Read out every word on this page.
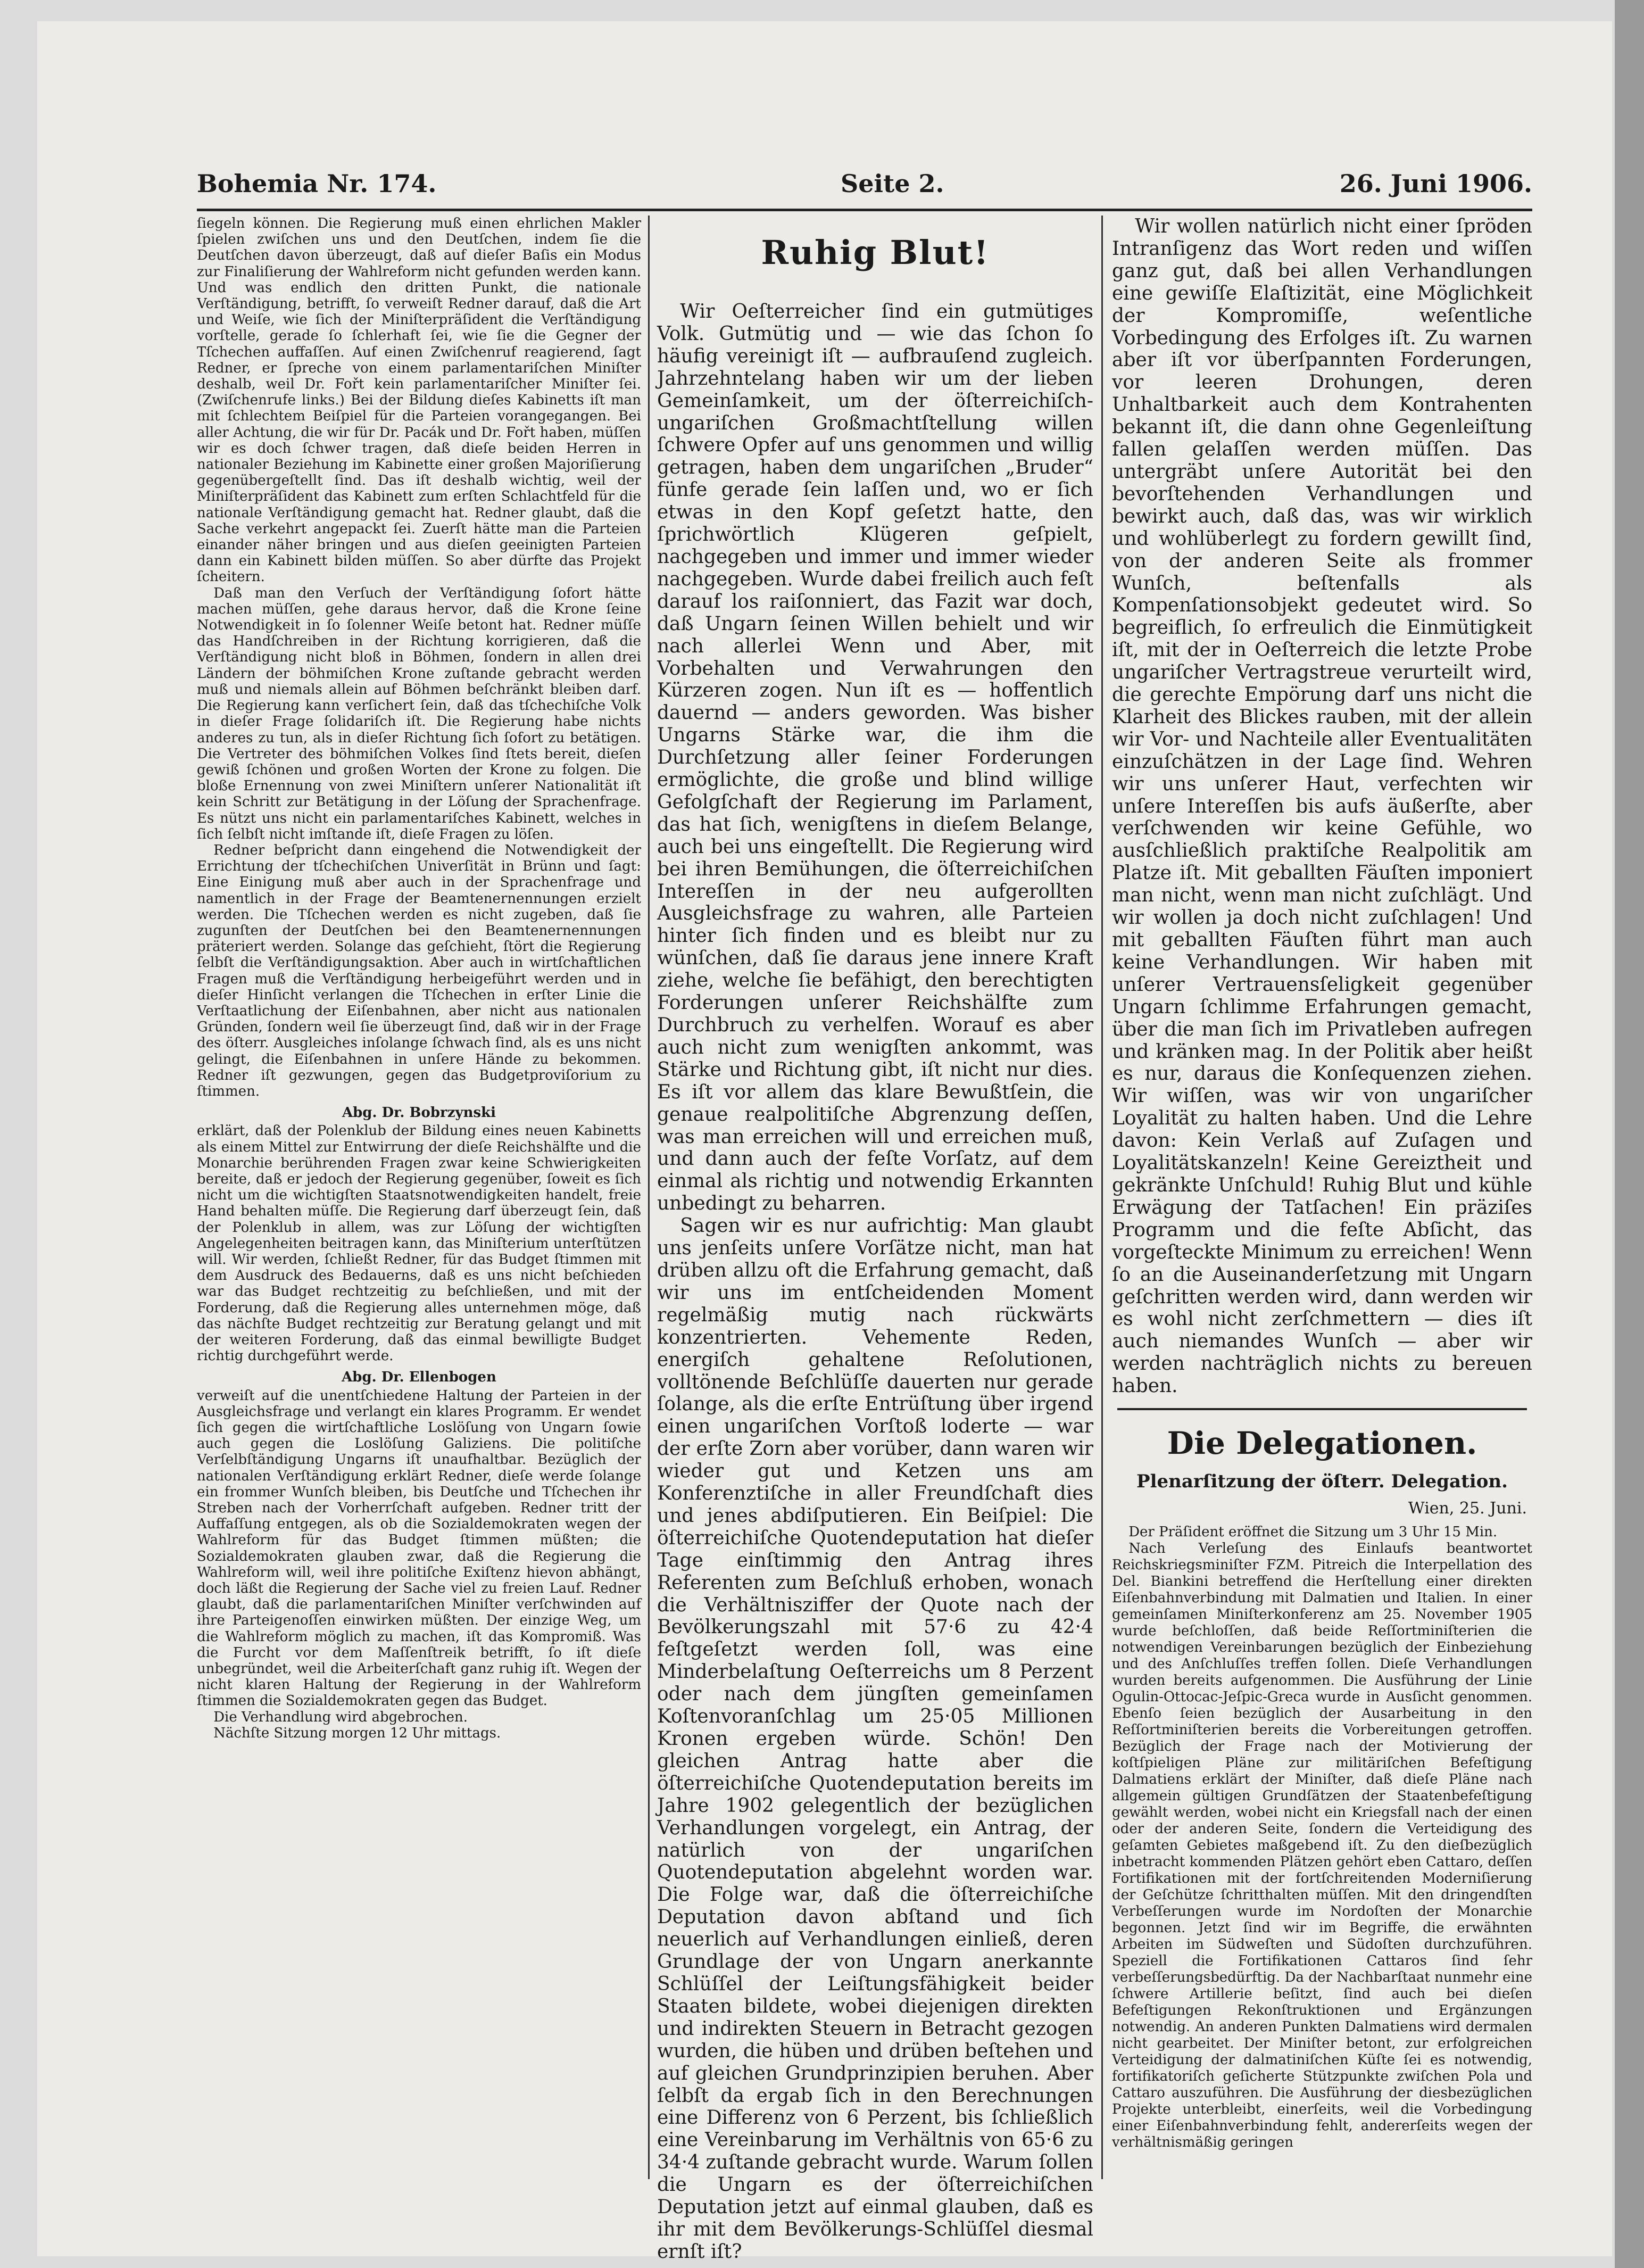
Bohemia Nr. 174.	Seite 2.	26. Juni 1906.

ſiegeln können. Die Regierung muß einen ehrlichen Makler ſpielen zwiſchen uns und den Deutſchen, indem ſie die Deutſchen davon überzeugt, daß auf dieſer Baſis ein Modus zur Finaliſierung der Wahlreform nicht gefunden werden kann. Und was endlich den dritten Punkt, die nationale Verſtändigung, betrifft, ſo verweiſt Redner darauf, daß die Art und Weiſe, wie ſich der Miniſterpräſident die Verſtändigung vorſtelle, gerade ſo ſchlerhaft ſei, wie ſie die Gegner der Tſchechen auffaſſen. Auf einen Zwiſchenruf reagierend, ſagt Redner, er ſpreche von einem parlamentariſchen Miniſter deshalb, weil Dr. Fořt kein parlamentariſcher Miniſter ſei. (Zwiſchenrufe links.) Bei der Bildung dieſes Kabinetts iſt man mit ſchlechtem Beiſpiel für die Parteien vorangegangen. Bei aller Achtung, die wir für Dr. Pacák und Dr. Fořt haben, müſſen wir es doch ſchwer tragen, daß dieſe beiden Herren in nationaler Beziehung im Kabinette einer großen Majoriſierung gegenübergeſtellt ſind. Das iſt deshalb wichtig, weil der Miniſterpräſident das Kabinett zum erſten Schlachtfeld für die nationale Verſtändigung gemacht hat. Redner glaubt, daß die Sache verkehrt angepackt ſei. Zuerſt hätte man die Parteien einander näher bringen und aus dieſen geeinigten Parteien dann ein Kabinett bilden müſſen. So aber dürfte das Projekt ſcheitern.

Daß man den Verſuch der Verſtändigung ſofort hätte machen müſſen, gehe daraus hervor, daß die Krone ſeine Notwendigkeit in ſo ſolenner Weiſe betont hat. Redner müſſe das Handſchreiben in der Richtung korrigieren, daß die Verſtändigung nicht bloß in Böhmen, ſondern in allen drei Ländern der böhmiſchen Krone zuſtande gebracht werden muß und niemals allein auf Böhmen beſchränkt bleiben darf. Die Regierung kann verſichert ſein, daß das tſchechiſche Volk in dieſer Frage ſolidariſch iſt. Die Regierung habe nichts anderes zu tun, als in dieſer Richtung ſich ſofort zu betätigen. Die Vertreter des böhmiſchen Volkes ſind ſtets bereit, dieſen gewiß ſchönen und großen Worten der Krone zu folgen. Die bloße Ernennung von zwei Miniſtern unſerer Nationalität iſt kein Schritt zur Betätigung in der Löſung der Sprachenfrage. Es nützt uns nicht ein parlamentariſches Kabinett, welches in ſich ſelbſt nicht imſtande iſt, dieſe Fragen zu löſen.

Redner beſpricht dann eingehend die Notwendigkeit der Errichtung der tſchechiſchen Univerſität in Brünn und ſagt: Eine Einigung muß aber auch in der Sprachenfrage und namentlich in der Frage der Beamtenernennungen erzielt werden. Die Tſchechen werden es nicht zugeben, daß ſie zugunſten der Deutſchen bei den Beamtenernennungen präteriert werden. Solange das geſchieht, ſtört die Regierung ſelbſt die Verſtändigungsaktion. Aber auch in wirtſchaftlichen Fragen muß die Verſtändigung herbeigeführt werden und in dieſer Hinſicht verlangen die Tſchechen in erſter Linie die Verſtaatlichung der Eiſenbahnen, aber nicht aus nationalen Gründen, ſondern weil ſie überzeugt ſind, daß wir in der Frage des öſterr. Ausgleiches inſolange ſchwach ſind, als es uns nicht gelingt, die Eiſenbahnen in unſere Hände zu bekommen. Redner iſt gezwungen, gegen das Budgetproviſorium zu ſtimmen.

Abg. Dr. Bobrzynski

erklärt, daß der Polenklub der Bildung eines neuen Kabinetts als einem Mittel zur Entwirrung der dieſe Reichshälfte und die Monarchie berührenden Fragen zwar keine Schwierigkeiten bereite, daß er jedoch der Regierung gegenüber, ſoweit es ſich nicht um die wichtigſten Staatsnotwendigkeiten handelt, freie Hand behalten müſſe. Die Regierung darf überzeugt ſein, daß der Polenklub in allem, was zur Löſung der wichtigſten Angelegenheiten beitragen kann, das Miniſterium unterſtützen will. Wir werden, ſchließt Redner, für das Budget ſtimmen mit dem Ausdruck des Bedauerns, daß es uns nicht beſchieden war das Budget rechtzeitig zu beſchließen, und mit der Forderung, daß die Regierung alles unternehmen möge, daß das nächſte Budget rechtzeitig zur Beratung gelangt und mit der weiteren Forderung, daß das einmal bewilligte Budget richtig durchgeführt werde.

Abg. Dr. Ellenbogen

verweiſt auf die unentſchiedene Haltung der Parteien in der Ausgleichsfrage und verlangt ein klares Programm. Er wendet ſich gegen die wirtſchaftliche Loslöſung von Ungarn ſowie auch gegen die Loslöſung Galiziens. Die politiſche Verſelbſtändigung Ungarns iſt unaufhaltbar. Bezüglich der nationalen Verſtändigung erklärt Redner, dieſe werde ſolange ein frommer Wunſch bleiben, bis Deutſche und Tſchechen ihr Streben nach der Vorherrſchaft aufgeben. Redner tritt der Auffaſſung entgegen, als ob die Sozialdemokraten wegen der Wahlreform für das Budget ſtimmen müßten; die Sozialdemokraten glauben zwar, daß die Regierung die Wahlreform will, weil ihre politiſche Exiſtenz hievon abhängt, doch läßt die Regierung der Sache viel zu freien Lauf. Redner glaubt, daß die parlamentariſchen Miniſter verſchwinden auf ihre Parteigenoſſen einwirken müßten. Der einzige Weg, um die Wahlreform möglich zu machen, iſt das Kompromiß. Was die Furcht vor dem Maſſenſtreik betrifft, ſo iſt dieſe unbegründet, weil die Arbeiterſchaft ganz ruhig iſt. Wegen der nicht klaren Haltung der Regierung in der Wahlreform ſtimmen die Sozialdemokraten gegen das Budget.

Die Verhandlung wird abgebrochen.

Nächſte Sitzung morgen 12 Uhr mittags.

Ruhig Blut!

Wir Oeſterreicher ſind ein gutmütiges Volk. Gutmütig und — wie das ſchon ſo häufig vereinigt iſt — aufbrauſend zugleich. Jahrzehntelang haben wir um der lieben Gemeinſamkeit, um der öſterreichiſch-ungariſchen Großmachtſtellung willen ſchwere Opfer auf uns genommen und willig getragen, haben dem ungariſchen „Bruder“ fünfe gerade ſein laſſen und, wo er ſich etwas in den Kopf geſetzt hatte, den ſprichwörtlich Klügeren geſpielt, nachgegeben und immer und immer wieder nachgegeben. Wurde dabei freilich auch feſt darauf los raiſonniert, das Fazit war doch, daß Ungarn ſeinen Willen behielt und wir nach allerlei Wenn und Aber, mit Vorbehalten und Verwahrungen den Kürzeren zogen. Nun iſt es — hoffentlich dauernd — anders geworden. Was bisher Ungarns Stärke war, die ihm die Durchſetzung aller ſeiner Forderungen ermöglichte, die große und blind willige Gefolgſchaft der Regierung im Parlament, das hat ſich, wenigſtens in dieſem Belange, auch bei uns eingeſtellt. Die Regierung wird bei ihren Bemühungen, die öſterreichiſchen Intereſſen in der neu aufgerollten Ausgleichsfrage zu wahren, alle Parteien hinter ſich finden und es bleibt nur zu wünſchen, daß ſie daraus jene innere Kraft ziehe, welche ſie befähigt, den berechtigten Forderungen unſerer Reichshälfte zum Durchbruch zu verhelfen. Worauf es aber auch nicht zum wenigſten ankommt, was Stärke und Richtung gibt, iſt nicht nur dies. Es iſt vor allem das klare Bewußtſein, die genaue realpolitiſche Abgrenzung deſſen, was man erreichen will und erreichen muß, und dann auch der feſte Vorſatz, auf dem einmal als richtig und notwendig Erkannten unbedingt zu beharren.

Sagen wir es nur aufrichtig: Man glaubt uns jenſeits unſere Vorſätze nicht, man hat drüben allzu oft die Erfahrung gemacht, daß wir uns im entſcheidenden Moment regelmäßig mutig nach rückwärts konzentrierten. Vehemente Reden, energiſch gehaltene Reſolutionen, volltönende Beſchlüſſe dauerten nur gerade ſolange, als die erſte Entrüſtung über irgend einen ungariſchen Vorſtoß loderte — war der erſte Zorn aber vorüber, dann waren wir wieder gut und Ketzen uns am Konferenztiſche in aller Freundſchaft dies und jenes abdiſputieren. Ein Beiſpiel: Die öſterreichiſche Quotendeputation hat dieſer Tage einſtimmig den Antrag ihres Referenten zum Beſchluß erhoben, wonach die Verhältnisziffer der Quote nach der Bevölkerungszahl mit 57·6 zu 42·4 feſtgeſetzt werden ſoll, was eine Minderbelaſtung Oeſterreichs um 8 Perzent oder nach dem jüngſten gemeinſamen Koſtenvoranſchlag um 25·05 Millionen Kronen ergeben würde. Schön! Den gleichen Antrag hatte aber die öſterreichiſche Quotendeputation bereits im Jahre 1902 gelegentlich der bezüglichen Verhandlungen vorgelegt, ein Antrag, der natürlich von der ungariſchen Quotendeputation abgelehnt worden war. Die Folge war, daß die öſterreichiſche Deputation davon abſtand und ſich neuerlich auf Verhandlungen einließ, deren Grundlage der von Ungarn anerkannte Schlüſſel der Leiſtungsfähigkeit beider Staaten bildete, wobei diejenigen direkten und indirekten Steuern in Betracht gezogen wurden, die hüben und drüben beſtehen und auf gleichen Grundprinzipien beruhen. Aber ſelbſt da ergab ſich in den Berechnungen eine Differenz von 6 Perzent, bis ſchließlich eine Vereinbarung im Verhältnis von 65·6 zu 34·4 zuſtande gebracht wurde. Warum ſollen die Ungarn es der öſterreichiſchen Deputation jetzt auf einmal glauben, daß es ihr mit dem Bevölkerungs-Schlüſſel diesmal ernſt iſt?

Wir wollen natürlich nicht einer ſpröden Intranſigenz das Wort reden und wiſſen ganz gut, daß bei allen Verhandlungen eine gewiſſe Elaſtizität, eine Möglichkeit der Kompromiſſe, weſentliche Vorbedingung des Erfolges iſt. Zu warnen aber iſt vor überſpannten Forderungen, vor leeren Drohungen, deren Unhaltbarkeit auch dem Kontrahenten bekannt iſt, die dann ohne Gegenleiſtung fallen gelaſſen werden müſſen. Das untergräbt unſere Autorität bei den bevorſtehenden Verhandlungen und bewirkt auch, daß das, was wir wirklich und wohlüberlegt zu fordern gewillt ſind, von der anderen Seite als frommer Wunſch, beſtenfalls als Kompenſationsobjekt gedeutet wird. So begreiflich, ſo erfreulich die Einmütigkeit iſt, mit der in Oeſterreich die letzte Probe ungariſcher Vertragstreue verurteilt wird, die gerechte Empörung darf uns nicht die Klarheit des Blickes rauben, mit der allein wir Vor- und Nachteile aller Eventualitäten einzuſchätzen in der Lage ſind. Wehren wir uns unſerer Haut, verfechten wir unſere Intereſſen bis aufs äußerſte, aber verſchwenden wir keine Gefühle, wo ausſchließlich praktiſche Realpolitik am Platze iſt. Mit geballten Fäuſten imponiert man nicht, wenn man nicht zuſchlägt. Und wir wollen ja doch nicht zuſchlagen! Und mit geballten Fäuſten führt man auch keine Verhandlungen. Wir haben mit unſerer Vertrauensſeligkeit gegenüber Ungarn ſchlimme Erfahrungen gemacht, über die man ſich im Privatleben aufregen und kränken mag. In der Politik aber heißt es nur, daraus die Konſequenzen ziehen. Wir wiſſen, was wir von ungariſcher Loyalität zu halten haben. Und die Lehre davon: Kein Verlaß auf Zuſagen und Loyalitätskanzeln! Keine Gereiztheit und gekränkte Unſchuld! Ruhig Blut und kühle Erwägung der Tatſachen! Ein präziſes Programm und die feſte Abſicht, das vorgeſteckte Minimum zu erreichen! Wenn ſo an die Auseinanderſetzung mit Ungarn geſchritten werden wird, dann werden wir es wohl nicht zerſchmettern — dies iſt auch niemandes Wunſch — aber wir werden nachträglich nichts zu bereuen haben.

Die Delegationen.

Plenarſitzung der öſterr. Delegation.

Wien, 25. Juni.

Der Präſident eröffnet die Sitzung um 3 Uhr 15 Min.

Nach Verleſung des Einlaufs beantwortet Reichskriegsminiſter FZM. Pitreich die Interpellation des Del. Biankini betreffend die Herſtellung einer direkten Eiſenbahnverbindung mit Dalmatien und Italien. In einer gemeinſamen Miniſterkonferenz am 25. November 1905 wurde beſchloſſen, daß beide Reſſortminiſterien die notwendigen Vereinbarungen bezüglich der Einbeziehung und des Anſchluſſes treffen ſollen. Dieſe Verhandlungen wurden bereits aufgenommen. Die Ausführung der Linie Ogulin-Ottocac-Jeſpic-Greca wurde in Ausſicht genommen. Ebenſo ſeien bezüglich der Ausarbeitung in den Reſſortminiſterien bereits die Vorbereitungen getroffen. Bezüglich der Frage nach der Motivierung der koſtſpieligen Pläne zur militäriſchen Befeſtigung Dalmatiens erklärt der Miniſter, daß dieſe Pläne nach allgemein gültigen Grundſätzen der Staatenbefeſtigung gewählt werden, wobei nicht ein Kriegsfall nach der einen oder der anderen Seite, ſondern die Verteidigung des geſamten Gebietes maßgebend iſt. Zu den dieſbezüglich inbetracht kommenden Plätzen gehört eben Cattaro, deſſen Fortifikationen mit der fortſchreitenden Moderniſierung der Geſchütze ſchritthalten müſſen. Mit den dringendſten Verbeſſerungen wurde im Nordoſten der Monarchie begonnen. Jetzt ſind wir im Begriffe, die erwähnten Arbeiten im Südweſten und Südoſten durchzuführen. Speziell die Fortifikationen Cattaros ſind ſehr verbeſſerungsbedürftig. Da der Nachbarſtaat nunmehr eine ſchwere Artillerie beſitzt, ſind auch bei dieſen Befeſtigungen Rekonſtruktionen und Ergänzungen notwendig. An anderen Punkten Dalmatiens wird dermalen nicht gearbeitet. Der Miniſter betont, zur erfolgreichen Verteidigung der dalmatiniſchen Küſte ſei es notwendig, fortifikatoriſch geſicherte Stützpunkte zwiſchen Pola und Cattaro auszuführen. Die Ausführung der diesbezüglichen Projekte unterbleibt, einerſeits, weil die Vorbedingung einer Eiſenbahnverbindung fehlt, andererſeits wegen der verhältnismäßig geringen
